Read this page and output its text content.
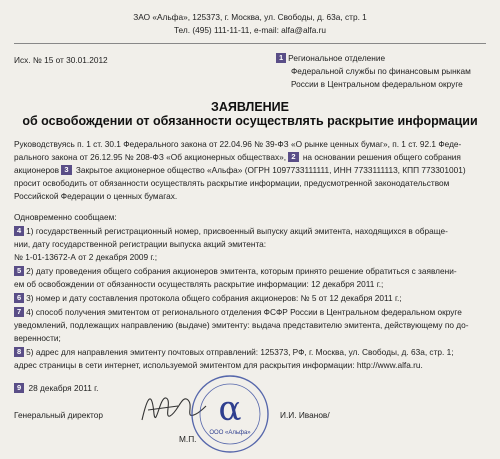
ЗАО «Альфа», 125373, г. Москва, ул. Свободы, д. 63а, стр. 1
Тел. (495) 111-11-11, e-mail: alfa@alfa.ru
Исх. № 15 от 30.01.2012	1 Региональное отделение
Федеральной службы по финансовым рынкам
России в Центральном федеральном округе
ЗАЯВЛЕНИЕ
об освобождении от обязанности осуществлять раскрытие информации
Руководствуясь п. 1 ст. 30.1 Федерального закона от 22.04.96 № 39-ФЗ «О рынке ценных бумаг», п. 1 ст. 92.1 Феде-
рального закона от 26.12.95 № 208-ФЗ «Об акционерных обществах», 2 на основании решения общего собрания
акционеров 3 Закрытое акционерное общество «Альфа» (ОГРН 1097733111111, ИНН 7733111113, КПП 773301001)
просит освободить от обязанности осуществлять раскрытие информации, предусмотренной законодательством
Российской Федерации о ценных бумагах.
Одновременно сообщаем:
4 1) государственный регистрационный номер, присвоенный выпуску акций эмитента, находящихся в обраще-
нии, дату государственной регистрации выпуска акций эмитента:
№ 1-01-13672-А от 2 декабря 2009 г.;
5 2) дату проведения общего собрания акционеров эмитента, которым принято решение обратиться с заявлени-
ем об освобождении от обязанности осуществлять раскрытие информации: 12 декабря 2011 г.;
6 3) номер и дату составления протокола общего собрания акционеров: № 5 от 12 декабря 2011 г.;
7 4) способ получения эмитентом от регионального отделения ФСФР России в Центральном федеральном округе
уведомлений, подлежащих направлению (выдаче) эмитенту: выдача представителю эмитента, действующему по до-
веренности;
8 5) адрес для направления эмитенту почтовых отправлений: 125373, РФ, г. Москва, ул. Свободы, д. 63а, стр. 1;
адрес страницы в сети интернет, используемой эмитентом для раскрытия информации: http://www.alfa.ru.
9 28 декабря 2011 г.
Генеральный директор	α
ООО «Альфа»
И.И. Иванов/
М.П.
